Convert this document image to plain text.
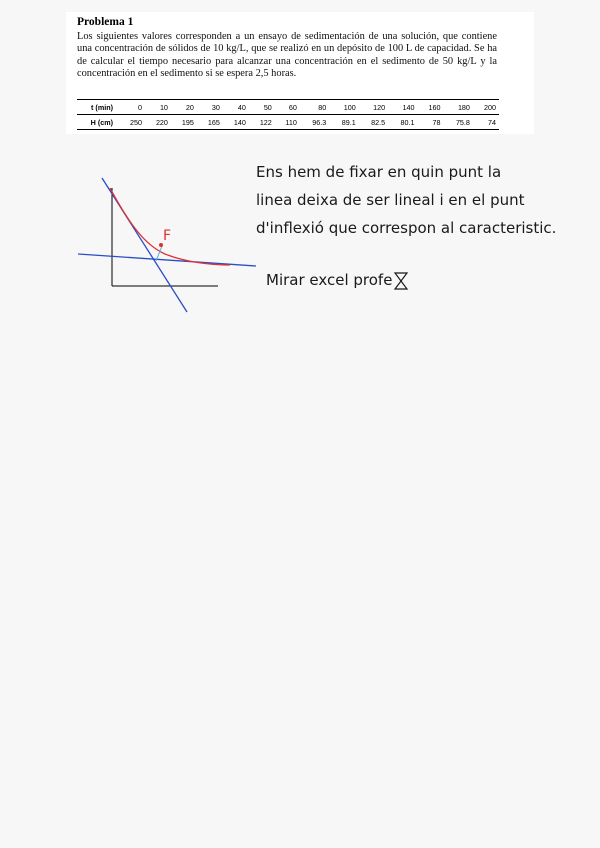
Problema 1
Los siguientes valores corresponden a un ensayo de sedimentación de una solución, que contiene una concentración de sólidos de 10 kg/L, que se realizó en un depósito de 100 L de capacidad. Se ha de calcular el tiempo necesario para alcanzar una concentración en el sedimento de 50 kg/L y la concentración en el sedimento si se espera 2,5 horas.
t (min)	0	10	20	30	40	50	60	80	100	120	140	160	180	200
H (cm)	250	220	195	165	140	122	110	96.3	89.1	82.5	80.1	78	75.8	74
F
Ens hem de fixar en quin punt la
linea deixa de ser lineal i en el punt
d'inflexió que correspon al caracteristic.
Mirar excel profe
